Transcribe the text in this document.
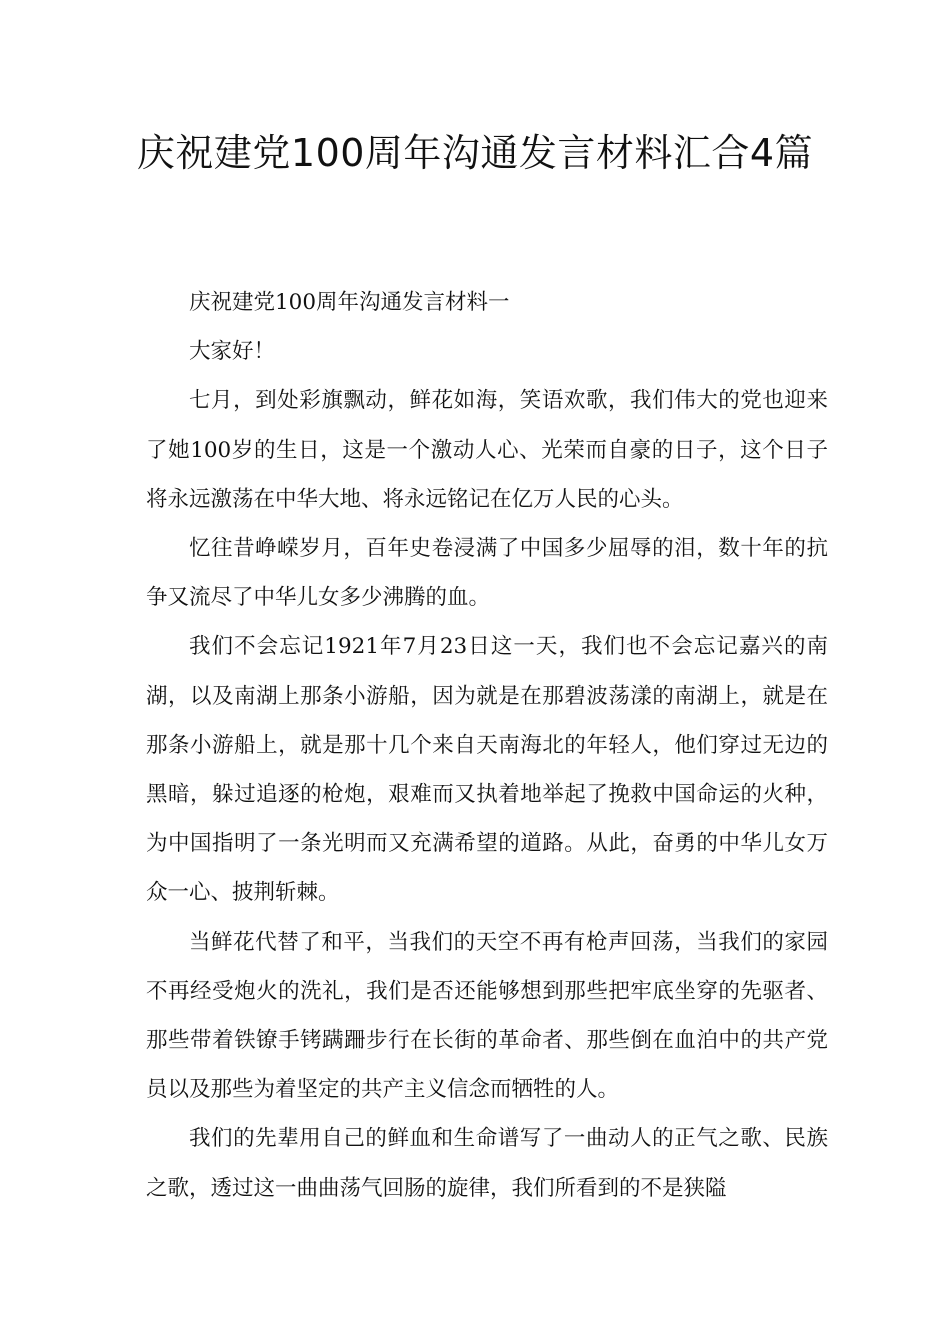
庆祝建党100周年沟通发言材料汇合4篇

庆祝建党100周年沟通发言材料一

大家好！

七月，到处彩旗飘动，鲜花如海，笑语欢歌，我们伟大的党也迎来了她100岁的生日，这是一个激动人心、光荣而自豪的日子，这个日子将永远激荡在中华大地、将永远铭记在亿万人民的心头。

忆往昔峥嵘岁月，百年史卷浸满了中国多少屈辱的泪，数十年的抗争又流尽了中华儿女多少沸腾的血。

我们不会忘记1921年7月23日这一天，我们也不会忘记嘉兴的南湖，以及南湖上那条小游船，因为就是在那碧波荡漾的南湖上，就是在那条小游船上，就是那十几个来自天南海北的年轻人，他们穿过无边的黑暗，躲过追逐的枪炮，艰难而又执着地举起了挽救中国命运的火种，为中国指明了一条光明而又充满希望的道路。从此，奋勇的中华儿女万众一心、披荆斩棘。

当鲜花代替了和平，当我们的天空不再有枪声回荡，当我们的家园不再经受炮火的洗礼，我们是否还能够想到那些把牢底坐穿的先驱者、那些带着铁镣手铐蹒跚步行在长街的革命者、那些倒在血泊中的共产党员以及那些为着坚定的共产主义信念而牺牲的人。

我们的先辈用自己的鲜血和生命谱写了一曲动人的正气之歌、民族之歌，透过这一曲曲荡气回肠的旋律，我们所看到的不是狭隘
